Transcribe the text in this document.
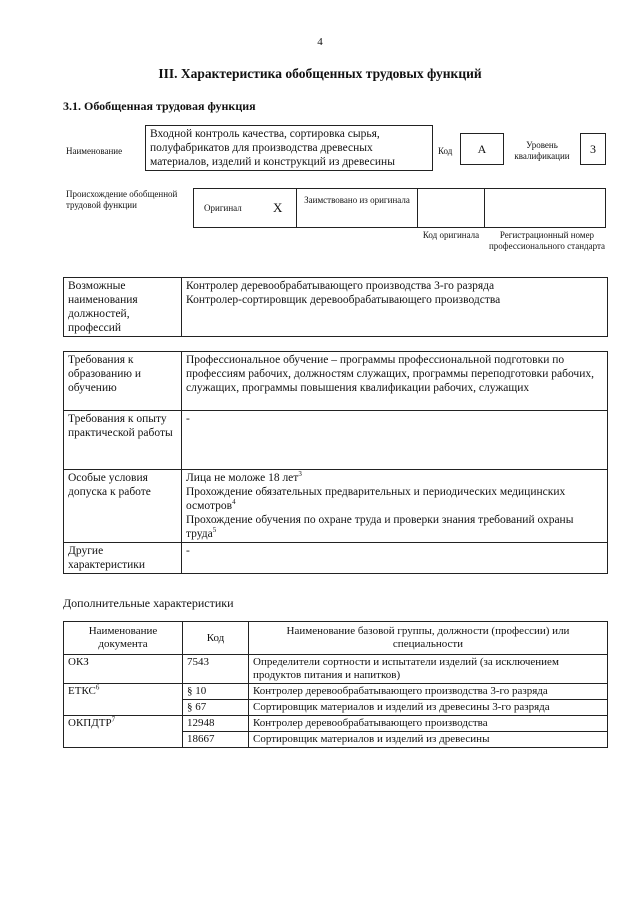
4
III. Характеристика обобщенных трудовых функций
3.1. Обобщенная трудовая функция
Наименование
Входной контроль качества, сортировка сырья, полуфабрикатов для производства древесных материалов, изделий и конструкций из древесины
Код	А	Уровень квалификации	3
Происхождение обобщенной трудовой функции	Оригинал X	Заимствовано из оригинала
Код оригинала	Регистрационный номер профессионального стандарта
Возможные наименования должностей, профессий	
Контролер деревообрабатывающего производства 3-го разряда
Контролер-сортировщик деревообрабатывающего производства
Требования к образованию и обучению	Профессиональное обучение – программы профессиональной подготовки по профессиям рабочих, должностям служащих, программы переподготовки рабочих, служащих, программы повышения квалификации рабочих, служащих
Требования к опыту практической работы	-
Особые условия допуска к работе	Лица не моложе 18 лет$^3$
Прохождение обязательных предварительных и периодических медицинских осмотров$^4$
Прохождение обучения по охране труда и проверки знания требований охраны труда$^5$

Другие характеристики	-
Дополнительные характеристики
Наименование документа	Код	Наименование базовой группы, должности (профессии) или специальности
ОКЗ	7543	Определители сортности и испытатели изделий (за исключением продуктов питания и напитков)
ЕТКС$^6$	§ 10	Контролер деревообрабатывающего производства 3-го разряда
	§ 67	Сортировщик материалов и изделий из древесины 3-го разряда
ОКПДТР$^7$	12948	Контролер деревообрабатывающего производства
	18667	Сортировщик материалов и изделий из древесины
